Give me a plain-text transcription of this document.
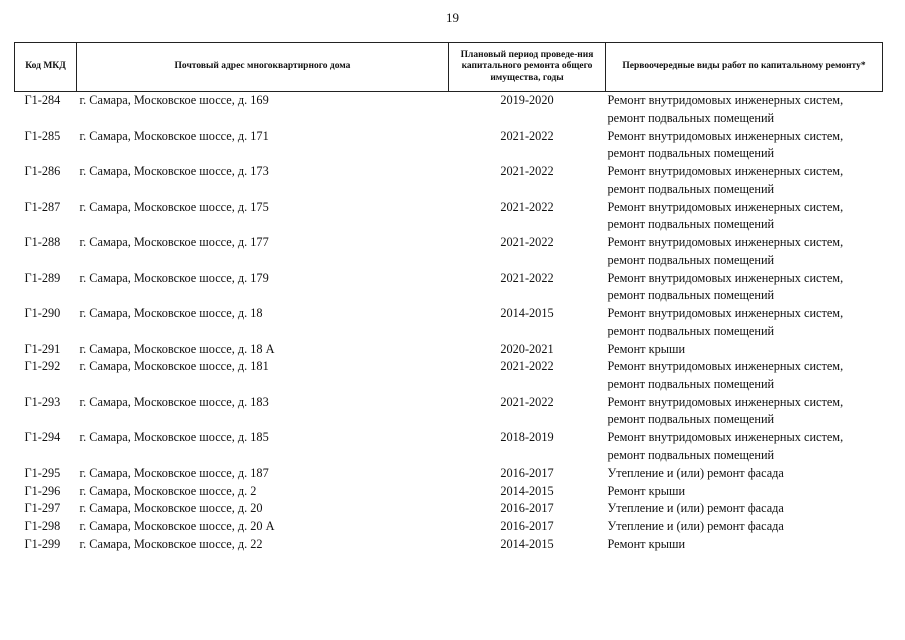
19
Код МКД	Почтовый адрес многоквартирного дома	Плановый период проведе-ния капитального ремонта общего имущества, годы	Первоочередные виды работ по капитальному ремонту*
Г1-284	г. Самара, Московское шоссе, д. 169	2019-2020	Ремонт внутридомовых инженерных систем,
ремонт подвальных помещений

Г1-285	г. Самара, Московское шоссе, д. 171	2021-2022	Ремонт внутридомовых инженерных систем,
ремонт подвальных помещений

Г1-286	г. Самара, Московское шоссе, д. 173	2021-2022	Ремонт внутридомовых инженерных систем,
ремонт подвальных помещений

Г1-287	г. Самара, Московское шоссе, д. 175	2021-2022	Ремонт внутридомовых инженерных систем,
ремонт подвальных помещений

Г1-288	г. Самара, Московское шоссе, д. 177	2021-2022	Ремонт внутридомовых инженерных систем,
ремонт подвальных помещений

Г1-289	г. Самара, Московское шоссе, д. 179	2021-2022	Ремонт внутридомовых инженерных систем,
ремонт подвальных помещений

Г1-290	г. Самара, Московское шоссе, д. 18	2014-2015	Ремонт внутридомовых инженерных систем,
ремонт подвальных помещений

Г1-291	г. Самара, Московское шоссе, д. 18 А	2020-2021	Ремонт крыши

Г1-292	г. Самара, Московское шоссе, д. 181	2021-2022	Ремонт внутридомовых инженерных систем,
ремонт подвальных помещений

Г1-293	г. Самара, Московское шоссе, д. 183	2021-2022	Ремонт внутридомовых инженерных систем,
ремонт подвальных помещений

Г1-294	г. Самара, Московское шоссе, д. 185	2018-2019	Ремонт внутридомовых инженерных систем,
ремонт подвальных помещений

Г1-295	г. Самара, Московское шоссе, д. 187	2016-2017	Утепление и (или) ремонт фасада

Г1-296	г. Самара, Московское шоссе, д. 2	2014-2015	Ремонт крыши

Г1-297	г. Самара, Московское шоссе, д. 20	2016-2017	Утепление и (или) ремонт фасада

Г1-298	г. Самара, Московское шоссе, д. 20 А	2016-2017	Утепление и (или) ремонт фасада

Г1-299	г. Самара, Московское шоссе, д. 22	2014-2015	Ремонт крыши
